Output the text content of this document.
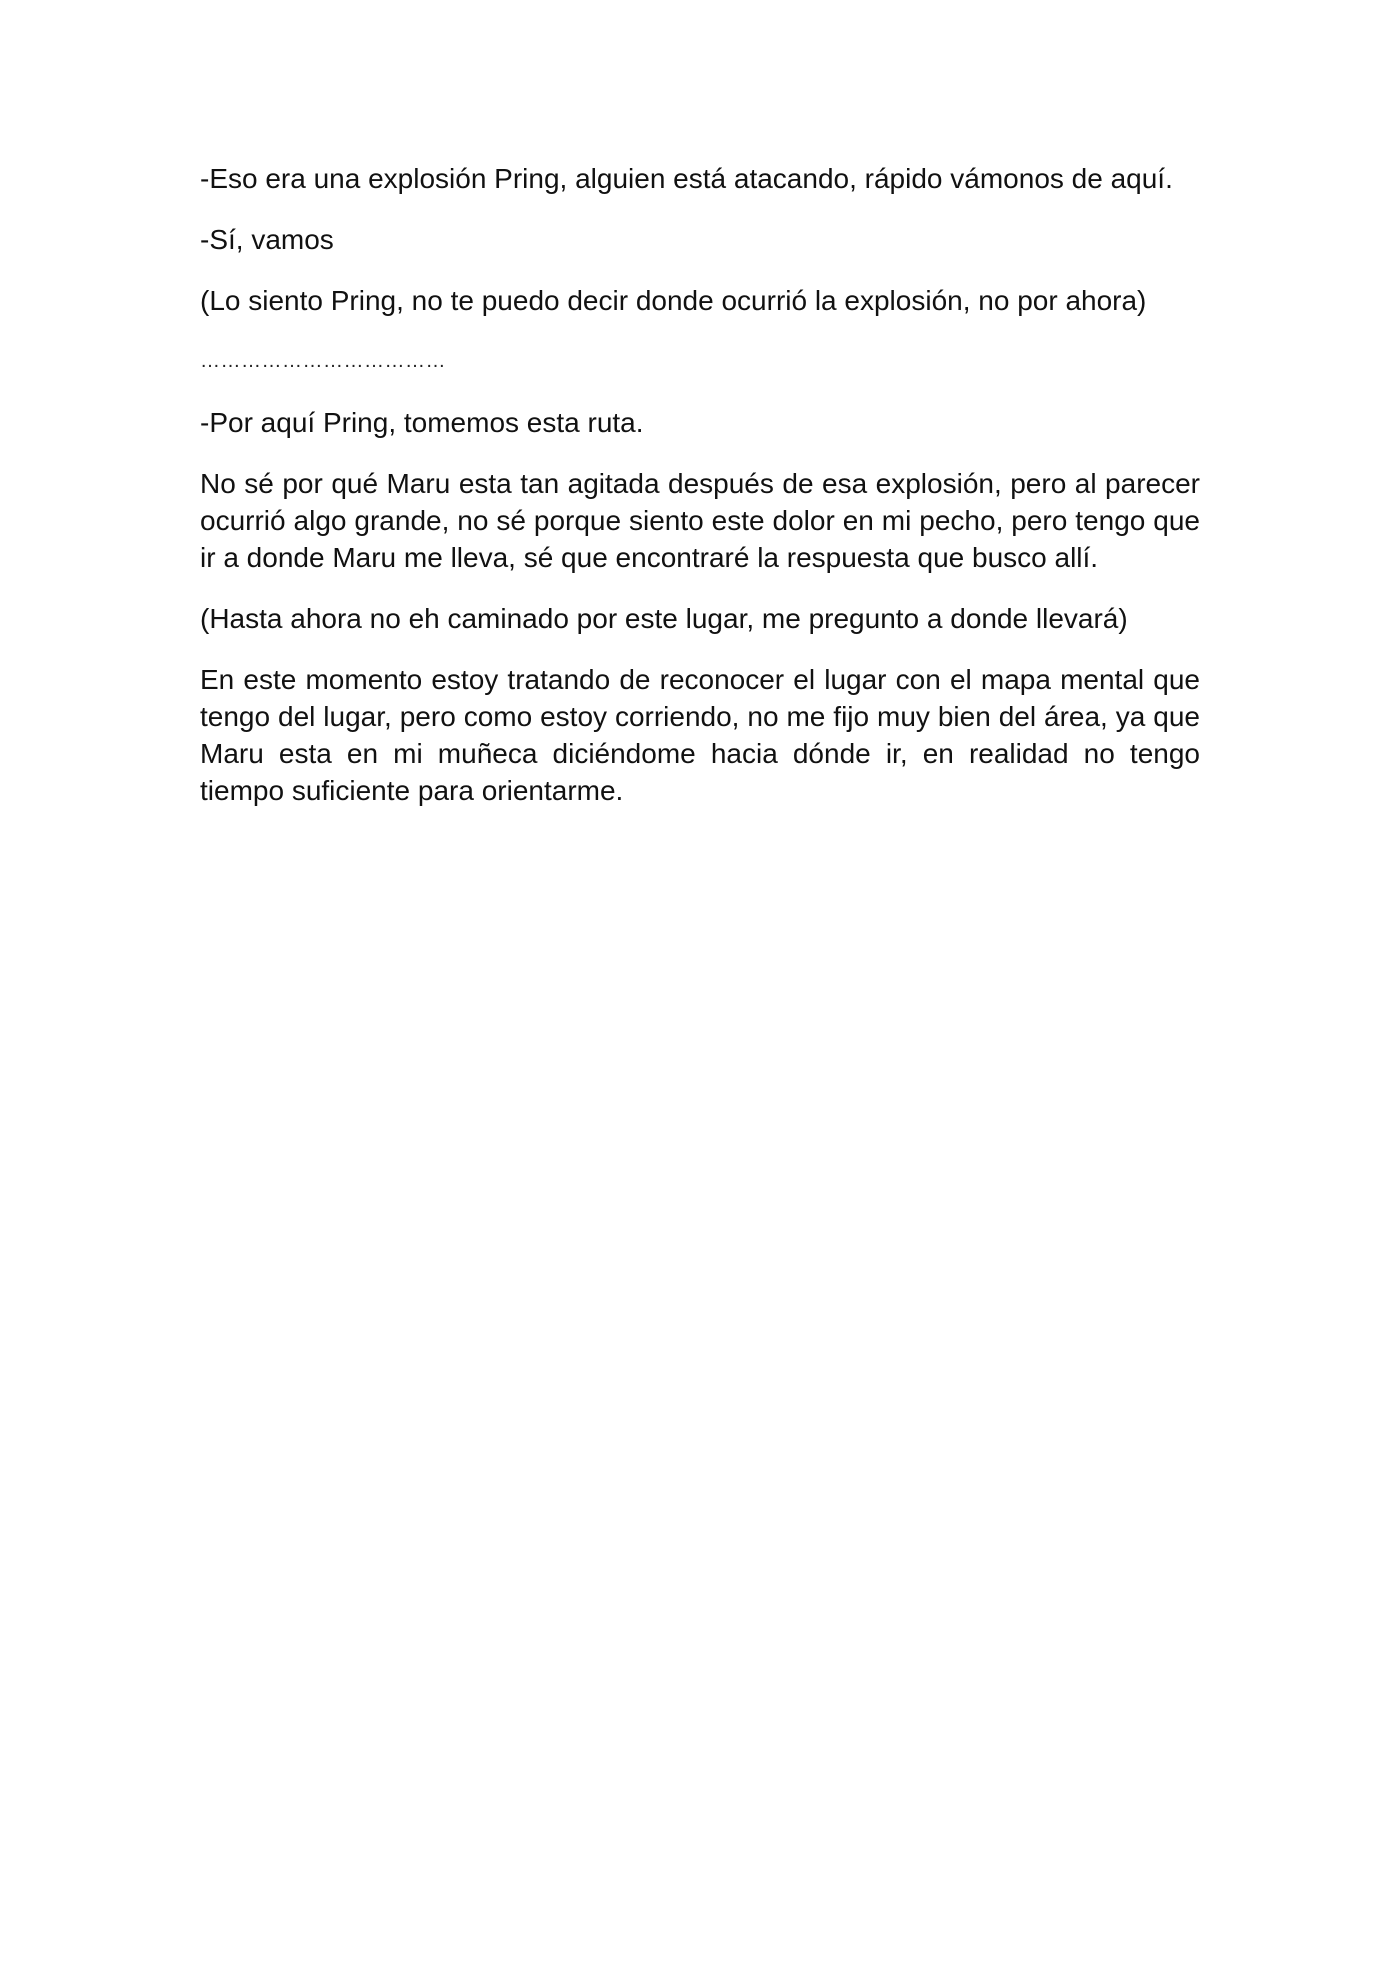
-Eso era una explosión Pring, alguien está atacando, rápido vámonos de aquí.

-Sí, vamos

(Lo siento Pring, no te puedo decir donde ocurrió la explosión, no por ahora)

………………………………

-Por aquí Pring, tomemos esta ruta.

No sé por qué Maru esta tan agitada después de esa explosión, pero al parecer ocurrió algo grande, no sé porque siento este dolor en mi pecho, pero tengo que ir a donde Maru me lleva, sé que encontraré la respuesta que busco allí.

(Hasta ahora no eh caminado por este lugar, me pregunto a donde llevará)

En este momento estoy tratando de reconocer el lugar con el mapa mental que tengo del lugar, pero como estoy corriendo, no me fijo muy bien del área, ya que Maru esta en mi muñeca diciéndome hacia dónde ir, en realidad no tengo tiempo suficiente para orientarme.
